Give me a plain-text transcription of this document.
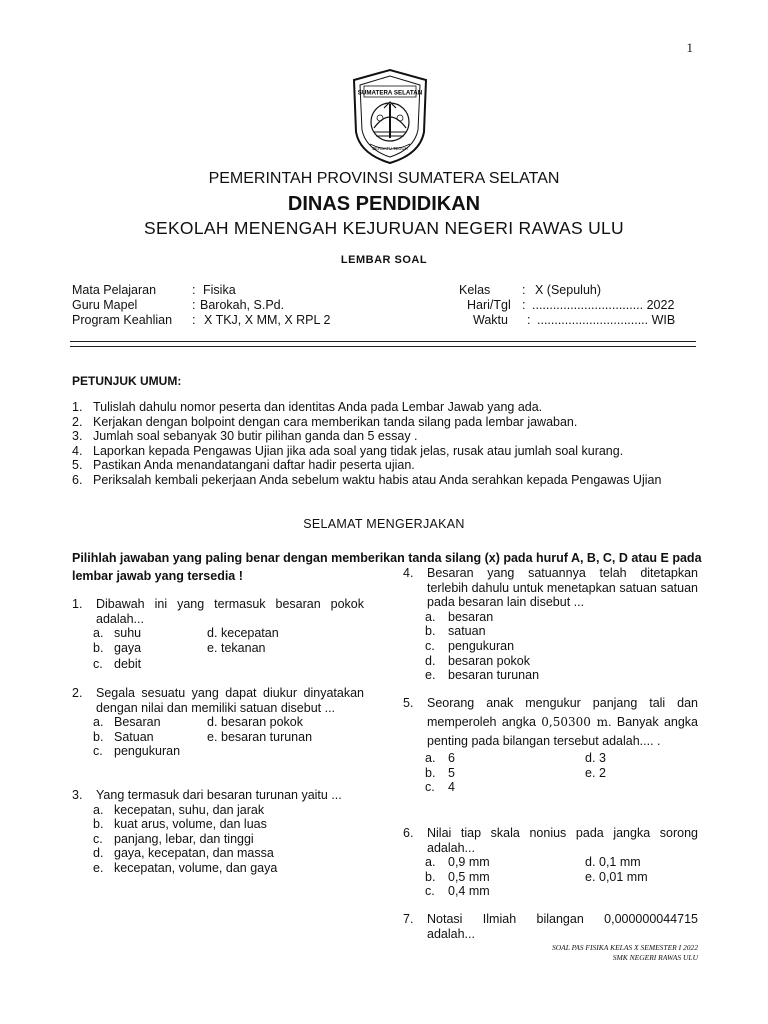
1
SUMATERA SELATAN
BERSATU TEGUH
PEMERINTAH PROVINSI SUMATERA SELATAN
DINAS PENDIDIKAN
SEKOLAH MENENGAH KEJURUAN NEGERI RAWAS ULU
LEMBAR SOAL
Mata Pelajaran	: Fisika
Guru Mapel	: Barokah, S.Pd.
Program Keahlian : X TKJ, X MM, X RPL 2
Kelas	: X (Sepuluh)
Hari/Tgl : ................................ 2022
Waktu : ................................ WIB
PETUNJUK UMUM:
1. Tulislah dahulu nomor peserta dan identitas Anda pada Lembar Jawab yang ada.
2. Kerjakan dengan bolpoint dengan cara memberikan tanda silang pada lembar jawaban.
3. Jumlah soal sebanyak 30 butir pilihan ganda dan 5 essay .
4. Laporkan kepada Pengawas Ujian jika ada soal yang tidak jelas, rusak atau jumlah soal kurang.
5. Pastikan Anda menandatangani daftar hadir peserta ujian.
6. Periksalah kembali pekerjaan Anda sebelum waktu habis atau Anda serahkan kepada Pengawas Ujian
SELAMAT MENGERJAKAN
Pilihlah jawaban yang paling benar dengan memberikan tanda silang (x) pada huruf A, B, C, D atau E pada lembar jawab yang tersedia !
1. Dibawah ini yang termasuk besaran pokok adalah...
a. suhu	d. kecepatan
b. gaya	e. tekanan
c. debit
2. Segala sesuatu yang dapat diukur dinyatakan dengan nilai dan memiliki satuan disebut ...
a. Besaran	d. besaran pokok
b. Satuan	e. besaran turunan
c. pengukuran
3. Yang termasuk dari besaran turunan yaitu ...
a. kecepatan, suhu, dan jarak
b. kuat arus, volume, dan luas
c. panjang, lebar, dan tinggi
d. gaya, kecepatan, dan massa
e. kecepatan, volume, dan gaya
4. Besaran yang satuannya telah ditetapkan terlebih dahulu untuk menetapkan satuan satuan pada besaran lain disebut ...
a. besaran
b. satuan
c. pengukuran
d. besaran pokok
e. besaran turunan
5. Seorang anak mengukur panjang tali dan memperoleh angka 0,50300 m. Banyak angka penting pada bilangan tersebut adalah.... .
a. 6	d. 3
b. 5	e. 2
c. 4
6. Nilai tiap skala nonius pada jangka sorong adalah...
a. 0,9 mm	d. 0,1 mm
b. 0,5 mm	e. 0,01 mm
c. 0,4 mm
7. Notasi Ilmiah bilangan 0,000000044715 adalah...
SOAL PAS FISIKA KELAS X SEMESTER I 2022
SMK NEGERI RAWAS ULU
